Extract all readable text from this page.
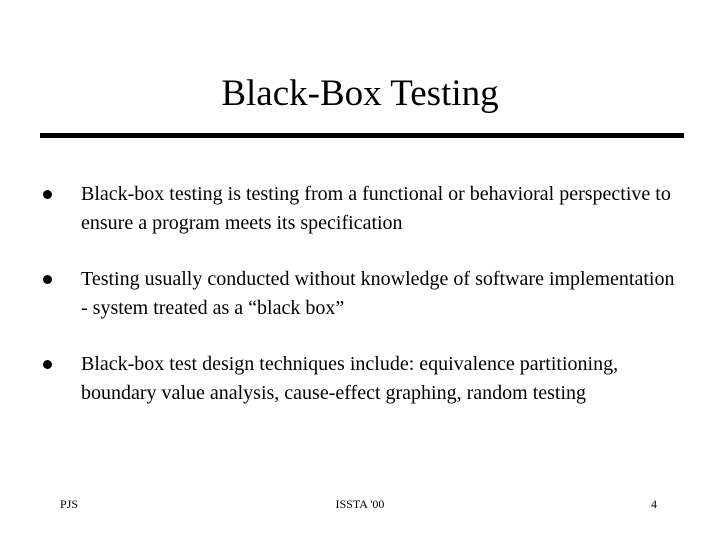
Black-Box Testing
Black-box testing is testing from a functional or behavioral perspective to ensure a program meets its specification
Testing usually conducted without knowledge of software implementation - system treated as a “black box”
Black-box test design techniques include: equivalence partitioning, boundary value analysis, cause-effect graphing, random testing
PJS	ISSTA '00	4
